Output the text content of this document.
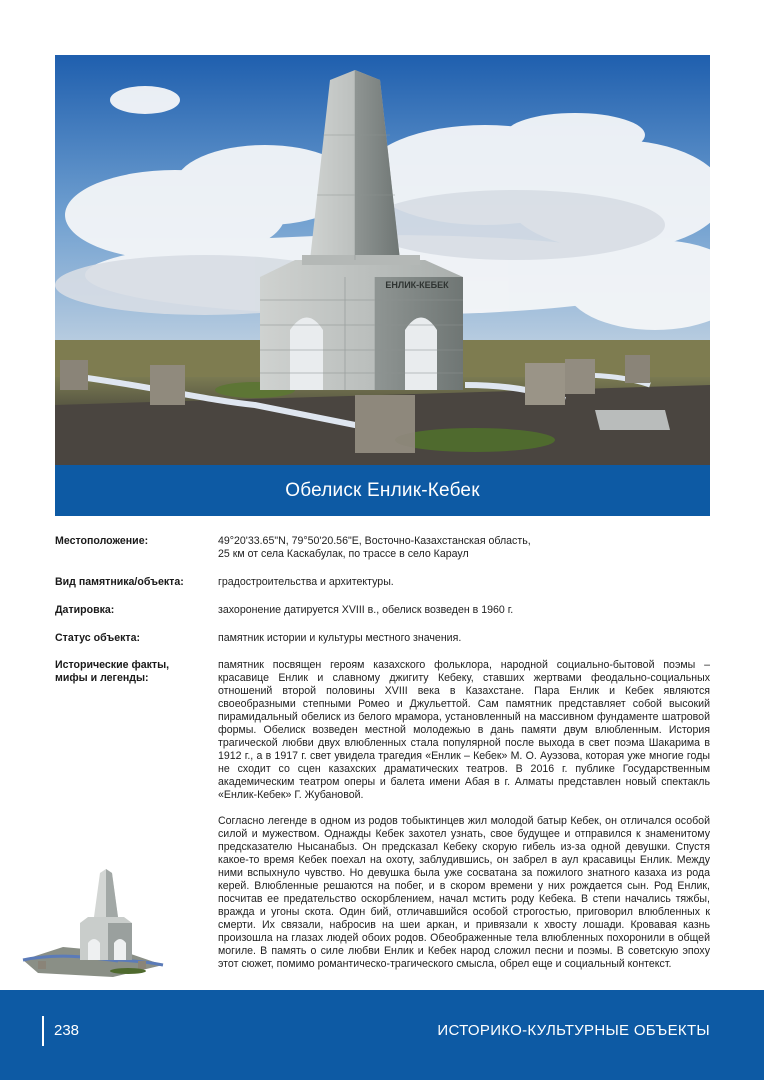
ЕНЛИК-КЕБЕК
Обелиск Енлик-Кебек
Местоположение:	49°20'33.65"N, 79°50'20.56"E, Восточно-Казахстанская область,
25 км от села Каскабулак, по трассе в село Караул
Вид памятника/объекта:	градостроительства и архитектуры.
Датировка:	захоронение датируется XVIII в., обелиск возведен в 1960 г.
Статус объекта:	памятник истории и культуры местного значения.
Исторические факты,
мифы и легенды:

памятник посвящен героям казахского фольклора, народной социально-бытовой поэмы – красавице Енлик и славному джигиту Кебеку, ставших жертвами феодально-социальных отношений второй половины XVIII века в Казахстане. Пара Енлик и Кебек являются своеобразными степными Ромео и Джульеттой. Сам памятник представляет собой высокий пирамидальный обелиск из белого мрамора, установленный на массивном фундаменте шатровой формы. Обелиск возведен местной молодежью в дань памяти двум влюбленным. История трагической любви двух влюбленных стала популярной после выхода в свет поэма Шакарима в 1912 г., а в 1917 г. свет увидела трагедия «Енлик – Кебек» М. О. Ауэзова, которая уже многие годы не сходит со сцен казахских драматических театров. В 2016 г. публике Государственным академическим театром оперы и балета имени Абая в г. Алматы представлен новый спектакль «Енлик-Кебек» Г. Жубановой.

Согласно легенде в одном из родов тобыктинцев жил молодой батыр Кебек, он отличался особой силой и мужеством. Однажды Кебек захотел узнать, свое будущее и отправился к знаменитому предсказателю Нысанабыз. Он предсказал Кебеку скорую гибель из-за одной девушки. Спустя какое-то время Кебек поехал на охоту, заблудившись, он забрел в аул красавицы Енлик. Между ними вспыхнуло чувство. Но девушка была уже сосватана за пожилого знатного казаха из рода керей. Влюбленные решаются на побег, и в скором времени у них рождается сын. Род Енлик, посчитав ее предательство оскорблением, начал мстить роду Кебека. В степи начались тяжбы, вражда и угоны скота. Один бий, отличавшийся особой строгостью, приговорил влюбленных к смерти. Их связали, набросив на шеи аркан, и привязали к хвосту лошади. Кровавая казнь произошла на глазах людей обоих родов. Обеображенные тела влюбленных похоронили в общей могиле. В память о силе любви Енлик и Кебек народ сложил песни и поэмы. В советскую эпоху этот сюжет, помимо романтическо-трагического смысла, обрел еще и социальный контекст.

238	ИСТОРИКО-КУЛЬТУРНЫЕ ОБЪЕКТЫ
